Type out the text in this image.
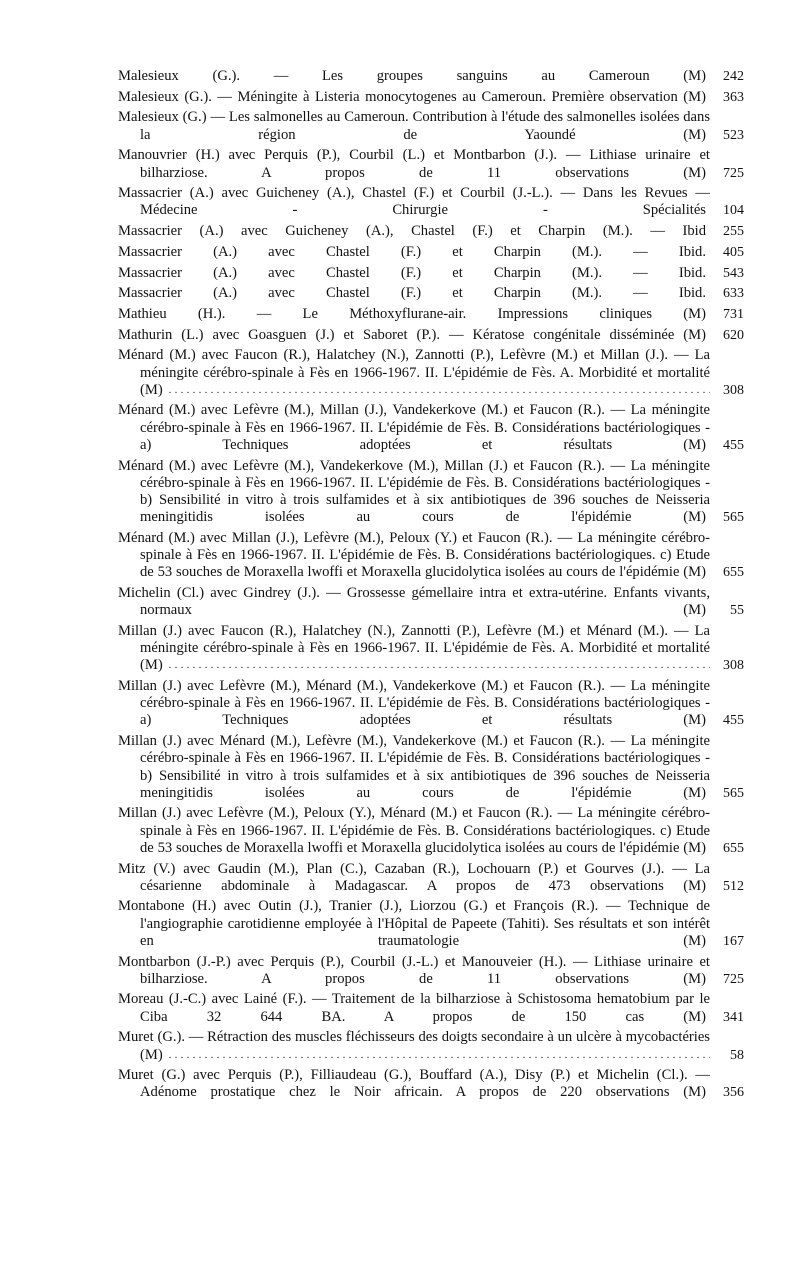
Malesieux (G.). — Les groupes sanguins au Cameroun (M) . . .	242
Malesieux (G.). — Méningite à Listeria monocytogenes au Cameroun. Première observation (M) . . .	363
Malesieux (G.) — Les salmonelles au Cameroun. Contribution à l'étude des salmonelles isolées dans la région de Yaoundé (M) . . .	523
Manouvrier (H.) avec Perquis (P.), Courbil (L.) et Montbarbon (J.). — Lithiase urinaire et bilharziose. A propos de 11 observations (M) . . .	725
Massacrier (A.) avec Guicheney (A.), Chastel (F.) et Courbil (J.-L.). — Dans les Revues — Médecine - Chirurgie - Spécialités . . .	104
Massacrier (A.) avec Guicheney (A.), Chastel (F.) et Charpin (M.). — Ibid . . .	255
Massacrier (A.) avec Chastel (F.) et Charpin (M.). — Ibid. . . .	405
Massacrier (A.) avec Chastel (F.) et Charpin (M.). — Ibid. . . .	543
Massacrier (A.) avec Chastel (F.) et Charpin (M.). — Ibid. . . .	633
Mathieu (H.). — Le Méthoxyflurane-air. Impressions cliniques (M) . . .	731
Mathurin (L.) avec Goasguen (J.) et Saboret (P.). — Kératose congénitale disséminée (M) . . .	620
Ménard (M.) avec Faucon (R.), Halatchey (N.), Zannotti (P.), Lefèvre (M.) et Millan (J.). — La méningite cérébro-spinale à Fès en 1966-1967. II. L'épidémie de Fès. A. Morbidité et mortalité (M) . . .	308
Ménard (M.) avec Lefèvre (M.), Millan (J.), Vandekerkove (M.) et Faucon (R.). — La méningite cérébro-spinale à Fès en 1966-1967. II. L'épidémie de Fès. B. Considérations bactériologiques - a) Techniques adoptées et résultats (M) . . .	455
Ménard (M.) avec Lefèvre (M.), Vandekerkove (M.), Millan (J.) et Faucon (R.). — La méningite cérébro-spinale à Fès en 1966-1967. II. L'épidémie de Fès. B. Considérations bactériologiques - b) Sensibilité in vitro à trois sulfamides et à six antibiotiques de 396 souches de Neisseria meningitidis isolées au cours de l'épidémie (M) . . .	565
Ménard (M.) avec Millan (J.), Lefèvre (M.), Peloux (Y.) et Faucon (R.). — La méningite cérébro-spinale à Fès en 1966-1967. II. L'épidémie de Fès. B. Considérations bactériologiques. c) Etude de 53 souches de Moraxella lwoffi et Moraxella glucidolytica isolées au cours de l'épidémie (M) . . .	655
Michelin (Cl.) avec Gindrey (J.). — Grossesse gémellaire intra et extra-utérine. Enfants vivants, normaux (M) . . .	55
Millan (J.) avec Faucon (R.), Halatchey (N.), Zannotti (P.), Lefèvre (M.) et Ménard (M.). — La méningite cérébro-spinale à Fès en 1966-1967. II. L'épidémie de Fès. A. Morbidité et mortalité (M) . . .	308
Millan (J.) avec Lefèvre (M.), Ménard (M.), Vandekerkove (M.) et Faucon (R.). — La méningite cérébro-spinale à Fès en 1966-1967. II. L'épidémie de Fès. B. Considérations bactériologiques - a) Techniques adoptées et résultats (M) . . .	455
Millan (J.) avec Ménard (M.), Lefèvre (M.), Vandekerkove (M.) et Faucon (R.). — La méningite cérébro-spinale à Fès en 1966-1967. II. L'épidémie de Fès. B. Considérations bactériologiques - b) Sensibilité in vitro à trois sulfamides et à six antibiotiques de 396 souches de Neisseria meningitidis isolées au cours de l'épidémie (M) . . .	565
Millan (J.) avec Lefèvre (M.), Peloux (Y.), Ménard (M.) et Faucon (R.). — La méningite cérébro-spinale à Fès en 1966-1967. II. L'épidémie de Fès. B. Considérations bactériologiques. c) Etude de 53 souches de Moraxella lwoffi et Moraxella glucidolytica isolées au cours de l'épidémie (M) . . .	655
Mitz (V.) avec Gaudin (M.), Plan (C.), Cazaban (R.), Lochouarn (P.) et Gourves (J.). — La césarienne abdominale à Madagascar. A propos de 473 observations (M) . . .	512
Montabone (H.) avec Outin (J.), Tranier (J.), Liorzou (G.) et François (R.). — Technique de l'angiographie carotidienne employée à l'Hôpital de Papeete (Tahiti). Ses résultats et son intérêt en traumatologie (M) . . .	167
Montbarbon (J.-P.) avec Perquis (P.), Courbil (J.-L.) et Manouveier (H.). — Lithiase urinaire et bilharziose. A propos de 11 observations (M) . . .	725
Moreau (J.-C.) avec Lainé (F.). — Traitement de la bilharziose à Schistosoma hematobium par le Ciba 32 644 BA. A propos de 150 cas (M) . . .	341
Muret (G.). — Rétraction des muscles fléchisseurs des doigts secondaire à un ulcère à mycobactéries (M) . . .	58
Muret (G.) avec Perquis (P.), Filliaudeau (G.), Bouffard (A.), Disy (P.) et Michelin (Cl.). — Adénome prostatique chez le Noir africain. A propos de 220 observations (M) . . .	356
